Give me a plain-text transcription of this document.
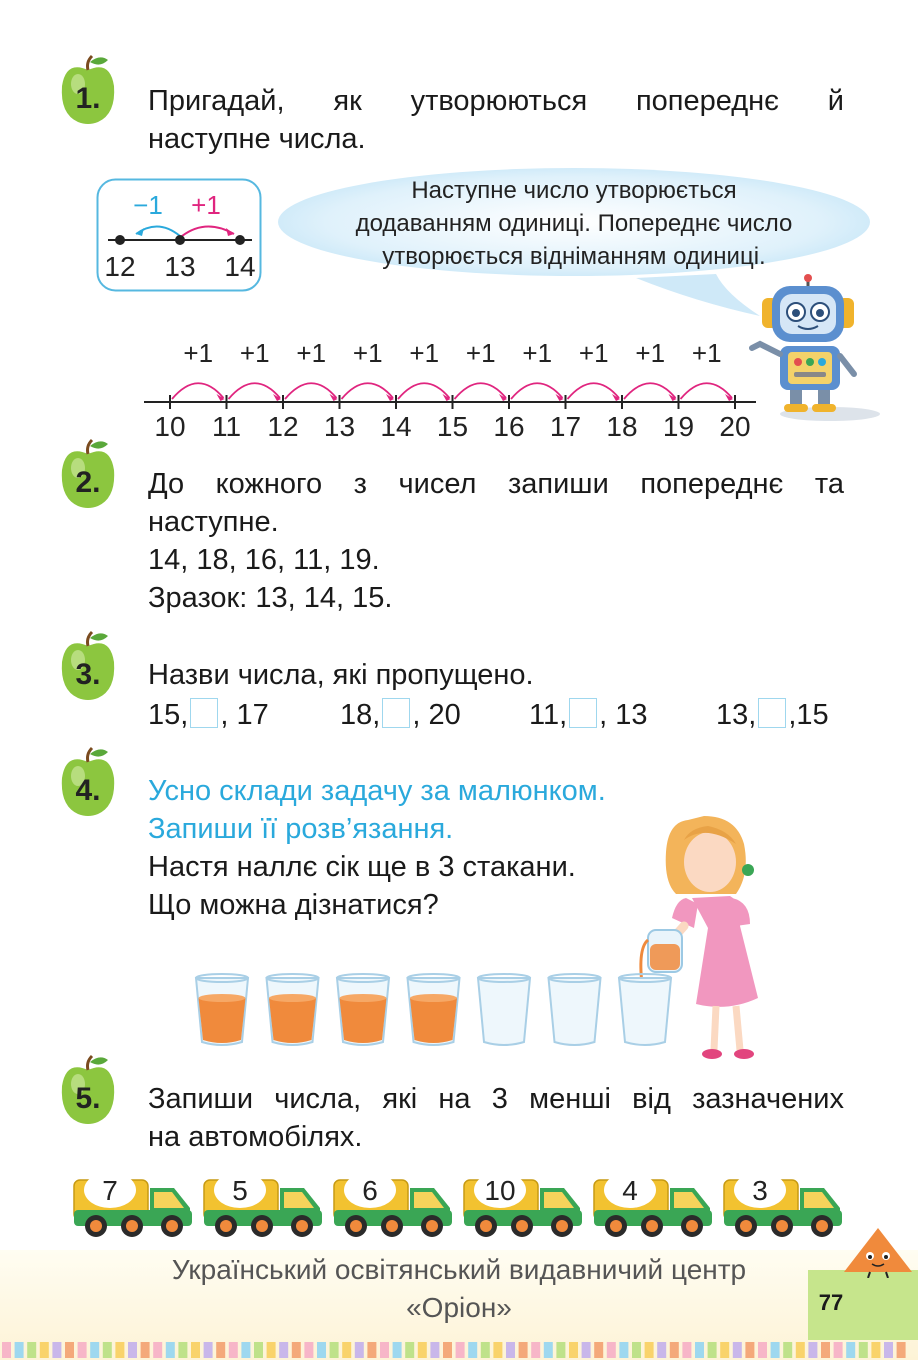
1.
2.
3.
4.
5.
Пригадай, як утворюються попереднє й
наступне числа.
−1 +1
12 13 14
Наступне число утворюється
додаванням одиниці. Попереднє число
утворюється відніманням одиниці.
10 11 12 13 14 15 16 17 18 19 20
+1 +1 +1 +1 +1 +1 +1 +1 +1 +1
До кожного з чисел запиши попереднє та
наступне.
14, 18, 16, 11, 19.
Зразок: 13, 14, 15.
Назви числа, які пропущено.
15, , 17 18, , 20 11, , 13 13, ,15
Усно склади задачу за малюнком.
Запиши її розв’язання.
Настя наллє сік ще в 3 стакани.
Що можна дізнатися?
Запиши числа, які на 3 менші від зазначених
на автомобілях.
7	5	6	10	4	3
Український освітянський видавничий центр
«Оріон»	77
